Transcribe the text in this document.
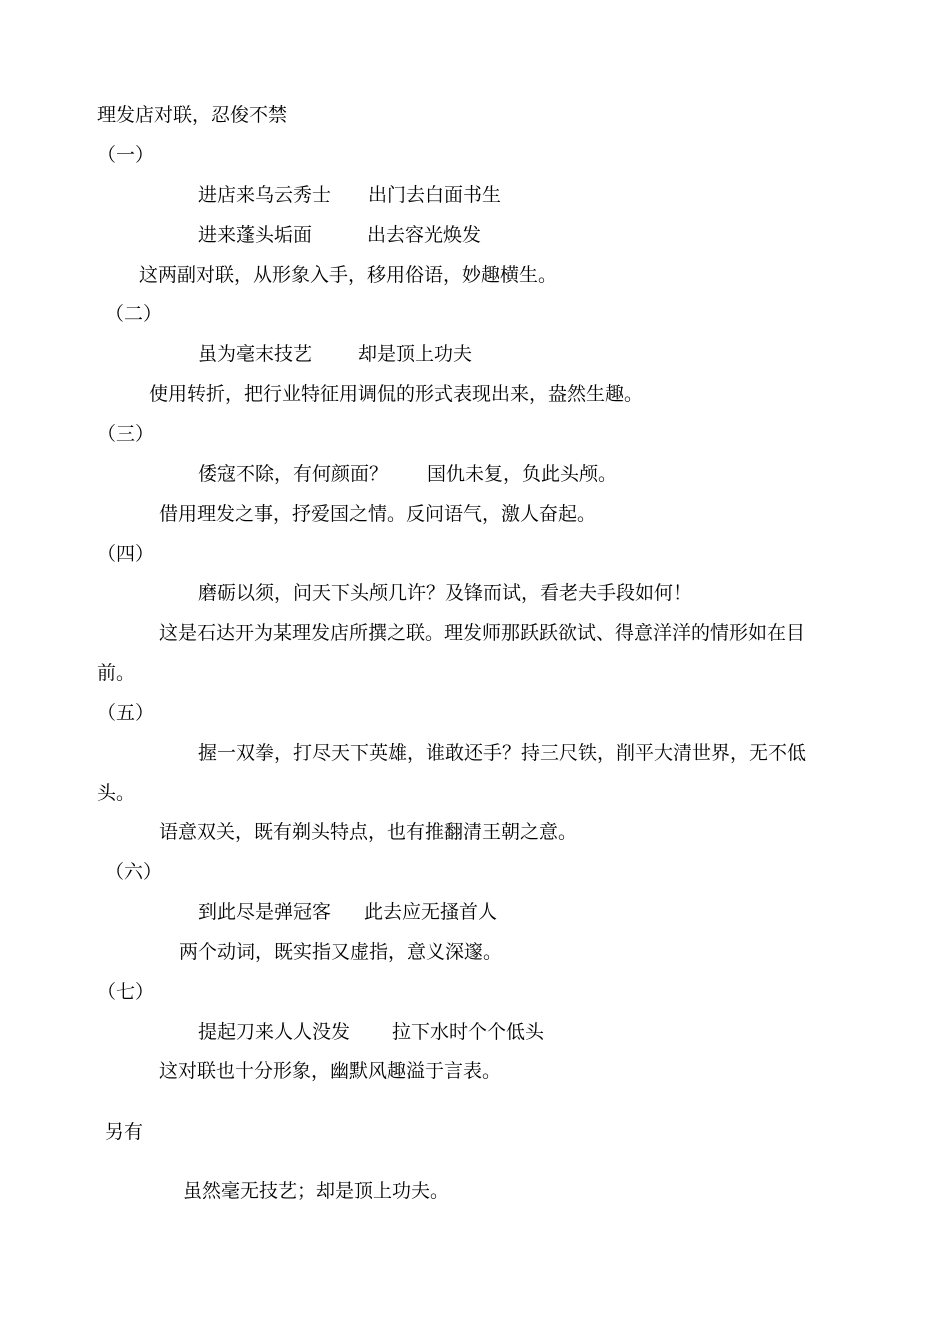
理发店对联，忍俊不禁
（一）
进店来乌云秀士 出门去白面书生
进来蓬头垢面	出去容光焕发
这两副对联，从形象入手，移用俗语，妙趣横生。
（二）
虽为毫末技艺 却是顶上功夫
使用转折，把行业特征用调侃的形式表现出来，盎然生趣。
（三）
倭寇不除，有何颜面？ 国仇未复，负此头颅。
借用理发之事，抒爱国之情。反问语气，激人奋起。
（四）
磨砺以须，问天下头颅几许？及锋而试，看老夫手段如何！
这是石达开为某理发店所撰之联。理发师那跃跃欲试、得意洋洋的情形如在目
前。
（五）
握一双拳，打尽天下英雄，谁敢还手？持三尺铁，削平大清世界，无不低
头。
语意双关，既有剃头特点，也有推翻清王朝之意。
（六）
到此尽是弹冠客 此去应无搔首人
两个动词，既实指又虚指，意义深邃。
（七）
提起刀来人人没发 拉下水时个个低头
这对联也十分形象，幽默风趣溢于言表。
另有
虽然毫无技艺；却是顶上功夫。
